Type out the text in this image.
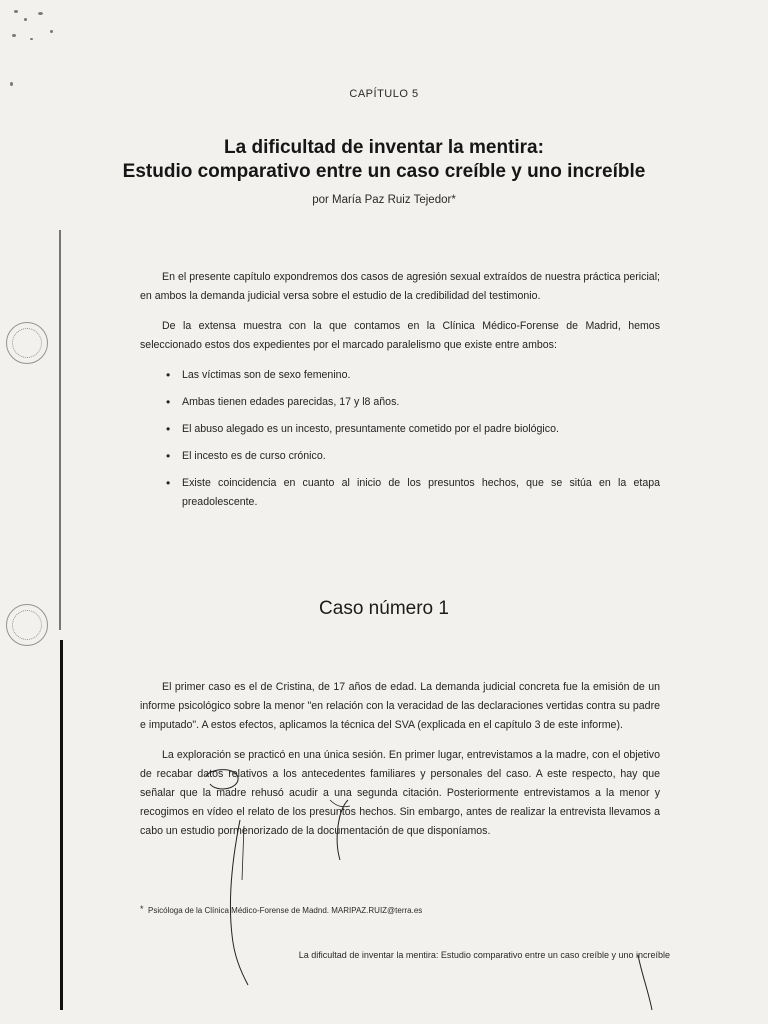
CAPÍTULO 5
La dificultad de inventar la mentira:
Estudio comparativo entre un caso creíble y uno increíble
por María Paz Ruiz Tejedor*

En el presente capítulo expondremos dos casos de agresión sexual extraídos de nuestra práctica pericial; en ambos la demanda judicial versa sobre el estudio de la credibilidad del testimonio.

De la extensa muestra con la que contamos en la Clínica Médico-Forense de Madrid, hemos seleccionado estos dos expedientes por el marcado paralelismo que existe entre ambos:

• Las víctimas son de sexo femenino.
• Ambas tienen edades parecidas, 17 y l8 años.
• El abuso alegado es un incesto, presuntamente cometido por el padre biológico.
• El incesto es de curso crónico.
• Existe coincidencia en cuanto al inicio de los presuntos hechos, que se sitúa en la etapa preadolescente.
Caso número 1

El primer caso es el de Cristina, de 17 años de edad. La demanda judicial concreta fue la emisión de un informe psicológico sobre la menor "en relación con la veracidad de las declaraciones vertidas contra su padre e imputado". A estos efectos, aplicamos la técnica del SVA (explicada en el capítulo 3 de este informe).

La exploración se practicó en una única sesión. En primer lugar, entrevistamos a la madre, con el objetivo de recabar datos relativos a los antecedentes familiares y personales del caso. A este respecto, hay que señalar que la madre rehusó acudir a una segunda citación. Posteriormente entrevistamos a la menor y recogimos en vídeo el relato de los presuntos hechos. Sin embargo, antes de realizar la entrevista llevamos a cabo un estudio pormenorizado de la documentación de que disponíamos.

* Psicóloga de la Clínica Médico-Forense de Madnd. MARIPAZ.RUIZ@terra.es
La dificultad de inventar la mentira: Estudio comparativo entre un caso creíble y uno increíble
